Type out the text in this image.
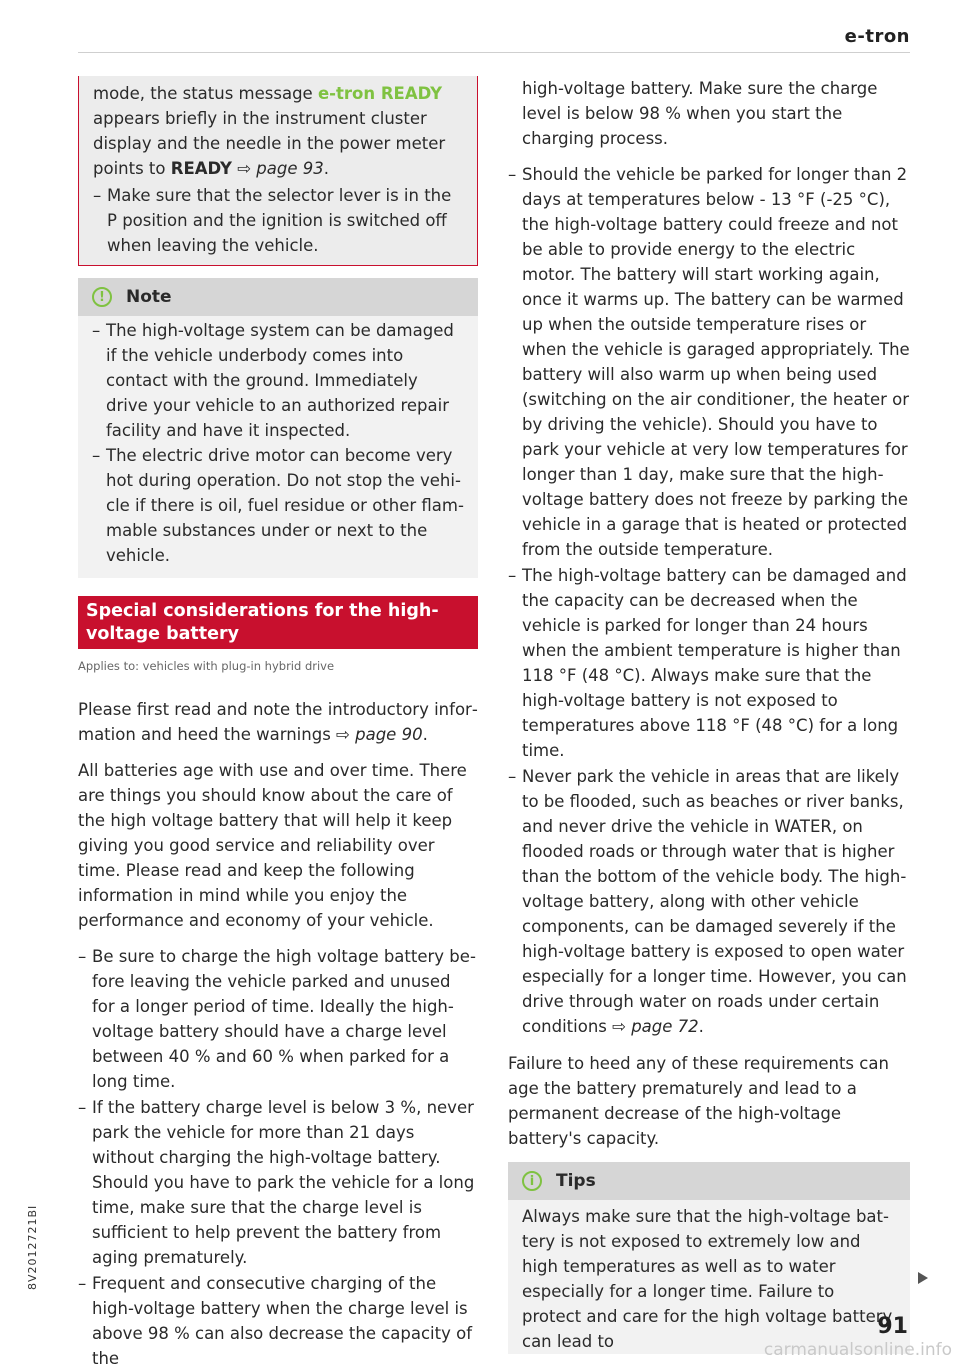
e-tron

mode, the status message e-tron READY appears briefly in the instrument cluster display and the needle in the power meter points to READY ⇨ page 93.

– Make sure that the selector lever is in the P position and the ignition is switched off when leaving the vehicle.
!	Note
– The high-voltage system can be damaged if the vehicle underbody comes into contact with the ground. Immediately drive your vehicle to an authorized repair facility and have it inspected.
– The electric drive motor can become very hot during operation. Do not stop the vehicle if there is oil, fuel residue or other flammable substances under or next to the vehicle.
Special considerations for the high-voltage battery
Applies to: vehicles with plug-in hybrid drive

Please first read and note the introductory information and heed the warnings ⇨ page 90.

All batteries age with use and over time. There are things you should know about the care of the high voltage battery that will help it keep giving you good service and reliability over time. Please read and keep the following information in mind while you enjoy the performance and economy of your vehicle.

– Be sure to charge the high voltage battery before leaving the vehicle parked and unused for a longer period of time. Ideally the high-voltage battery should have a charge level between 40 % and 60 % when parked for a long time.
– If the battery charge level is below 3 %, never park the vehicle for more than 21 days without charging the high-voltage battery. Should you have to park the vehicle for a long time, make sure that the charge level is sufficient to help prevent the battery from aging prematurely.
– Frequent and consecutive charging of the high-voltage battery when the charge level is above 98 % can also decrease the capacity of the

high-voltage battery. Make sure the charge level is below 98 % when you start the charging process.

– Should the vehicle be parked for longer than 2 days at temperatures below - 13 °F (-25 °C), the high-voltage battery could freeze and not be able to provide energy to the electric motor. The battery will start working again, once it warms up. The battery can be warmed up when the outside temperature rises or when the vehicle is garaged appropriately. The battery will also warm up when being used (switching on the air conditioner, the heater or by driving the vehicle). Should you have to park your vehicle at very low temperatures for longer than 1 day, make sure that the high-voltage battery does not freeze by parking the vehicle in a garage that is heated or protected from the outside temperature.
– The high-voltage battery can be damaged and the capacity can be decreased when the vehicle is parked for longer than 24 hours when the ambient temperature is higher than 118 °F (48 °C). Always make sure that the high-voltage battery is not exposed to temperatures above 118 °F (48 °C) for a long time.
– Never park the vehicle in areas that are likely to be flooded, such as beaches or river banks, and never drive the vehicle in WATER, on flooded roads or through water that is higher than the bottom of the vehicle body. The high-voltage battery, along with other vehicle components, can be damaged severely if the high-voltage battery is exposed to open water especially for a longer time. However, you can drive through water on roads under certain conditions ⇨ page 72.

Failure to heed any of these requirements can age the battery prematurely and lead to a permanent decrease of the high-voltage battery's capacity.

i	Tips
Always make sure that the high-voltage battery is not exposed to extremely low and high temperatures as well as to water especially for a longer time. Failure to protect and care for the high voltage battery can lead to
91
8V2012721BI
carmanualsonline.info
